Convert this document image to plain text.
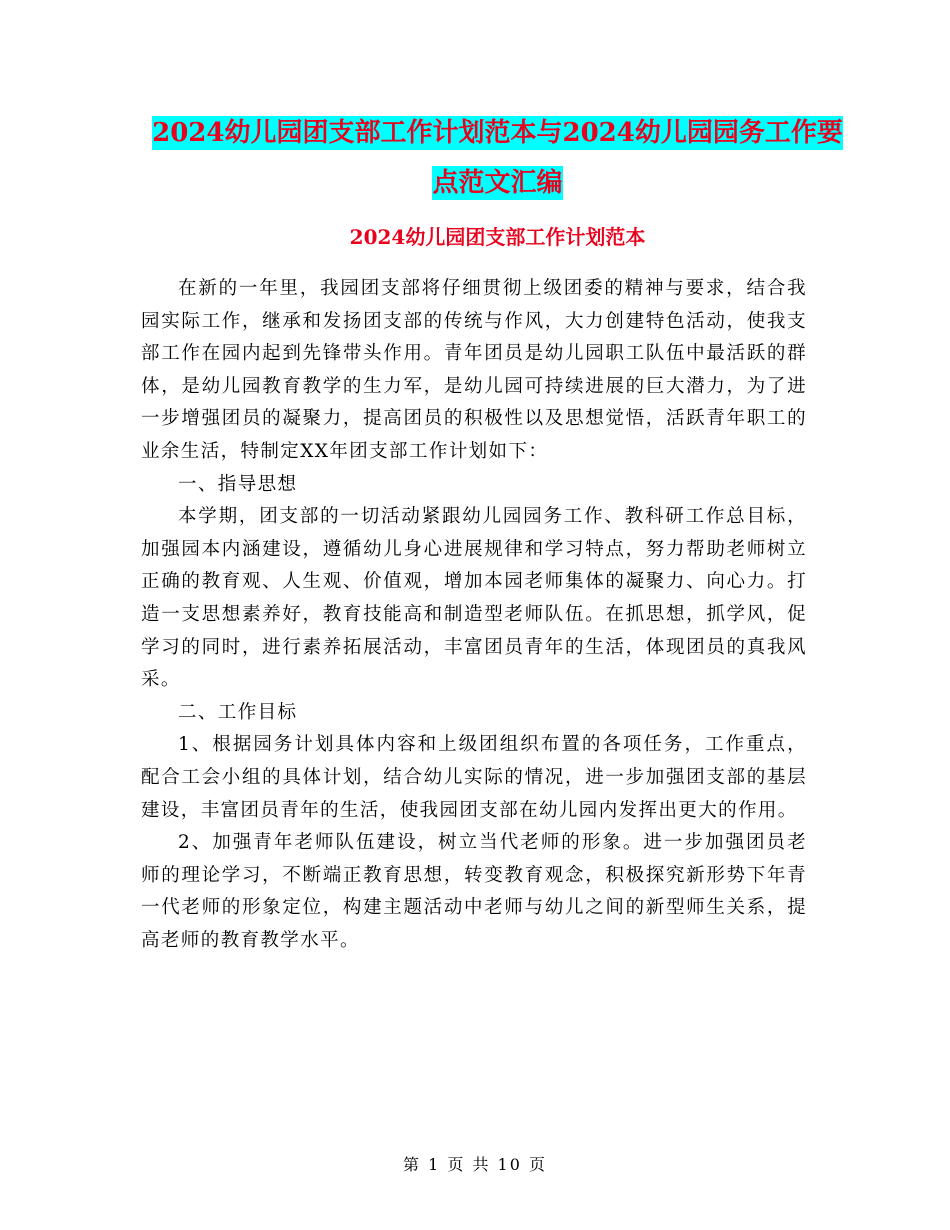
2024幼儿园团支部工作计划范本与2024幼儿园园务工作要点范文汇编
2024幼儿园团支部工作计划范本

在新的一年里，我园团支部将仔细贯彻上级团委的精神与要求，结合我园实际工作，继承和发扬团支部的传统与作风，大力创建特色活动，使我支部工作在园内起到先锋带头作用。青年团员是幼儿园职工队伍中最活跃的群体，是幼儿园教育教学的生力军，是幼儿园可持续进展的巨大潜力，为了进一步增强团员的凝聚力，提高团员的积极性以及思想觉悟，活跃青年职工的业余生活，特制定XX年团支部工作计划如下：

一、指导思想

本学期，团支部的一切活动紧跟幼儿园园务工作、教科研工作总目标，加强园本内涵建设，遵循幼儿身心进展规律和学习特点，努力帮助老师树立正确的教育观、人生观、价值观，增加本园老师集体的凝聚力、向心力。打造一支思想素养好，教育技能高和制造型老师队伍。在抓思想，抓学风，促学习的同时，进行素养拓展活动，丰富团员青年的生活，体现团员的真我风采。

二、工作目标

1、根据园务计划具体内容和上级团组织布置的各项任务，工作重点，配合工会小组的具体计划，结合幼儿实际的情况，进一步加强团支部的基层建设，丰富团员青年的生活，使我园团支部在幼儿园内发挥出更大的作用。

2、加强青年老师队伍建设，树立当代老师的形象。进一步加强团员老师的理论学习，不断端正教育思想，转变教育观念，积极探究新形势下年青一代老师的形象定位，构建主题活动中老师与幼儿之间的新型师生关系，提高老师的教育教学水平。

第 1 页 共 10 页
